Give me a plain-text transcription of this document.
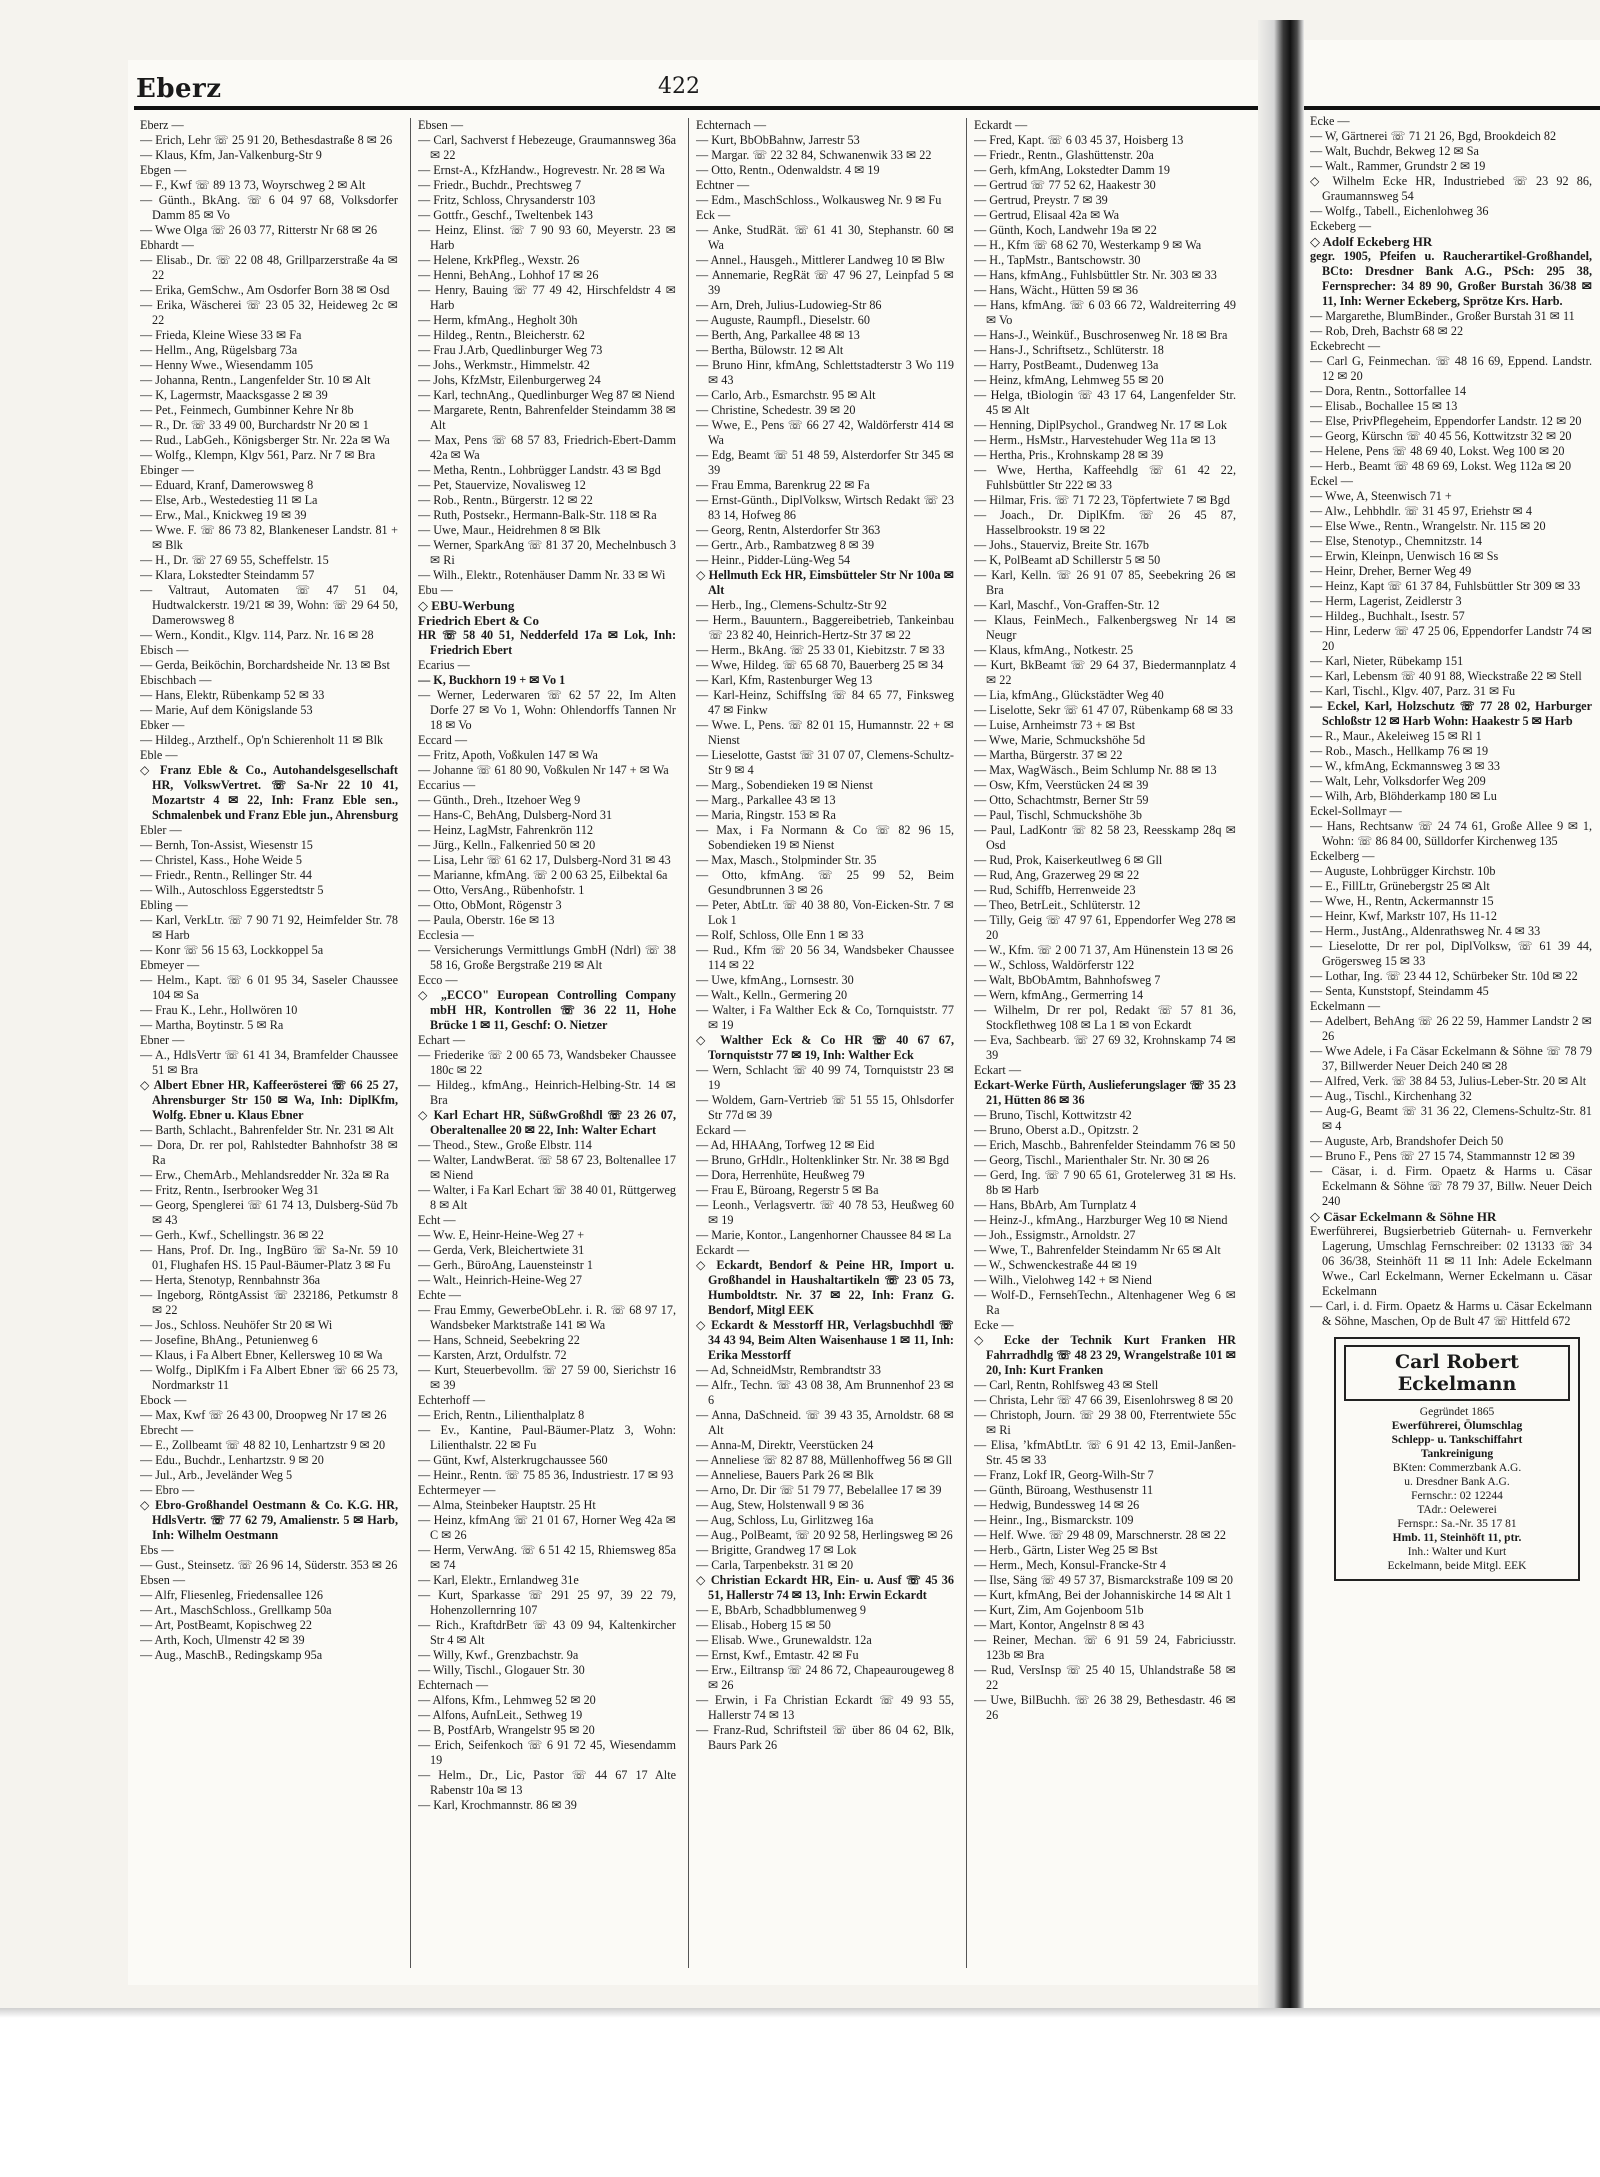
Eberz	422
Eberz —
— Erich, Lehr ☏ 25 91 20, Bethesdastraße 8 ✉ 26
— Klaus, Kfm, Jan-Valkenburg-Str 9
Ebgen —
— F., Kwf ☏ 89 13 73, Woyrschweg 2 ✉ Alt
— Günth., BkAng. ☏ 6 04 97 68, Volksdorfer Damm 85 ✉ Vo
— Wwe Olga ☏ 26 03 77, Ritterstr Nr 68 ✉ 26
Ebhardt —
— Elisab., Dr. ☏ 22 08 48, Grillparzerstraße 4a ✉ 22
— Erika, GemSchw., Am Osdorfer Born 38 ✉ Osd
— Erika, Wäscherei ☏ 23 05 32, Heideweg 2c ✉ 22
— Frieda, Kleine Wiese 33 ✉ Fa
— Hellm., Ang, Rügelsbarg 73a
— Henny Wwe., Wiesendamm 105
— Johanna, Rentn., Langenfelder Str. 10 ✉ Alt
— K, Lagermstr, Maacksgasse 2 ✉ 39
— Pet., Feinmech, Gumbinner Kehre Nr 8b
— R., Dr. ☏ 33 49 00, Burchardstr Nr 20 ✉ 1
— Rud., LabGeh., Königsberger Str. Nr. 22a ✉ Wa
— Wolfg., Klempn, Klgv 561, Parz. Nr 7 ✉ Bra
Ebinger —
— Eduard, Kranf, Damerowsweg 8
— Else, Arb., Westedestieg 11 ✉ La
— Erw., Mal., Knickweg 19 ✉ 39
— Wwe. F. ☏ 86 73 82, Blankeneser Landstr. 81 + ✉ Blk
— H., Dr. ☏ 27 69 55, Scheffelstr. 15
— Klara, Lokstedter Steindamm 57
— Valtraut, Automaten ☏ 47 51 04, Hudtwalckerstr. 19/21 ✉ 39, Wohn: ☏ 29 64 50, Damerowsweg 8
— Wern., Kondit., Klgv. 114, Parz. Nr. 16 ✉ 28
Ebisch —
— Gerda, Beiköchin, Borchardsheide Nr. 13 ✉ Bst
Ebischbach —
— Hans, Elektr, Rübenkamp 52 ✉ 33
— Marie, Auf dem Königslande 53
Ebker —
— Hildeg., Arzthelf., Op'n Schierenholt 11 ✉ Blk
Eble —
◇ Franz Eble & Co., Autohandelsgesellschaft HR, VolkswVertret. ☏ Sa-Nr 22 10 41, Mozartstr 4 ✉ 22, Inh: Franz Eble sen., Schmalenbek und Franz Eble jun., Ahrensburg
Ebler —
— Bernh, Ton-Assist, Wiesenstr 15
— Christel, Kass., Hohe Weide 5
— Friedr., Rentn., Rellinger Str. 44
— Wilh., Autoschloss Eggerstedtstr 5
Ebling —
— Karl, VerkLtr. ☏ 7 90 71 92, Heimfelder Str. 78 ✉ Harb
— Konr ☏ 56 15 63, Lockkoppel 5a
Ebmeyer —
— Helm., Kapt. ☏ 6 01 95 34, Saseler Chaussee 104 ✉ Sa
— Frau K., Lehr., Hollwören 10
— Martha, Boytinstr. 5 ✉ Ra
Ebner —
— A., HdlsVertr ☏ 61 41 34, Bramfelder Chaussee 51 ✉ Bra
◇ Albert Ebner HR, Kaffeerösterei ☏ 66 25 27, Ahrensburger Str 150 ✉ Wa, Inh: DiplKfm, Wolfg. Ebner u. Klaus Ebner
— Barth, Schlacht., Bahrenfelder Str. Nr. 231 ✉ Alt
— Dora, Dr. rer pol, Rahlstedter Bahnhofstr 38 ✉ Ra
— Erw., ChemArb., Mehlandsredder Nr. 32a ✉ Ra
— Fritz, Rentn., Iserbrooker Weg 31
— Georg, Spenglerei ☏ 61 74 13, Dulsberg-Süd 7b ✉ 43
— Gerh., Kwf., Schellingstr. 36 ✉ 22
— Hans, Prof. Dr. Ing., IngBüro ☏ Sa-Nr. 59 10 01, Flughafen HS. 15 Paul-Bäumer-Platz 3 ✉ Fu
— Herta, Stenotyp, Rennbahnstr 36a
— Ingeborg, RöntgAssist ☏ 232186, Petkumstr 8 ✉ 22
— Jos., Schloss. Neuhöfer Str 20 ✉ Wi
— Josefine, BhAng., Petunienweg 6
— Klaus, i Fa Albert Ebner, Kellersweg 10 ✉ Wa
— Wolfg., DiplKfm i Fa Albert Ebner ☏ 66 25 73, Nordmarkstr 11
Ebock —
— Max, Kwf ☏ 26 43 00, Droopweg Nr 17 ✉ 26
Ebrecht —
— E., Zollbeamt ☏ 48 82 10, Lenhartzstr 9 ✉ 20
— Edu., Buchdr., Lenhartzstr. 9 ✉ 20
— Jul., Arb., Jeveländer Weg 5
— Ebro —
◇ Ebro-Großhandel Oestmann & Co. K.G. HR, HdlsVertr. ☏ 77 62 79, Amalienstr. 5 ✉ Harb, Inh: Wilhelm Oestmann
Ebs —
— Gust., Steinsetz. ☏ 26 96 14, Süderstr. 353 ✉ 26
Ebsen —
— Alfr, Fliesenleg, Friedensallee 126
— Art., MaschSchloss., Grellkamp 50a
— Art, PostBeamt, Kopischweg 22
— Arth, Koch, Ulmenstr 42 ✉ 39
— Aug., MaschB., Redingskamp 95a
Ebsen —
— Carl, Sachverst f Hebezeuge, Graumannsweg 36a ✉ 22
— Ernst-A., KfzHandw., Hogrevestr. Nr. 28 ✉ Wa
— Friedr., Buchdr., Prechtsweg 7
— Fritz, Schloss, Chrysanderstr 103
— Gottfr., Geschf., Tweltenbek 143
— Heinz, Elinst. ☏ 7 90 93 60, Meyerstr. 23 ✉ Harb
— Helene, KrkPfleg., Wexstr. 26
— Henni, BehAng., Lohhof 17 ✉ 26
— Henry, Bauing ☏ 77 49 42, Hirschfeldstr 4 ✉ Harb
— Herm, kfmAng., Hegholt 30h
— Hildeg., Rentn., Bleicherstr. 62
— Frau J.Arb, Quedlinburger Weg 73
— Johs., Werkmstr., Himmelstr. 42
— Johs, KfzMstr, Eilenburgerweg 24
— Karl, technAng., Quedlinburger Weg 87 ✉ Niend
— Margarete, Rentn, Bahrenfelder Steindamm 38 ✉ Alt
— Max, Pens ☏ 68 57 83, Friedrich-Ebert-Damm 42a ✉ Wa
— Metha, Rentn., Lohbrügger Landstr. 43 ✉ Bgd
— Pet, Stauervize, Novalisweg 12
— Rob., Rentn., Bürgerstr. 12 ✉ 22
— Ruth, Postsekr., Hermann-Balk-Str. 118 ✉ Ra
— Uwe, Maur., Heidrehmen 8 ✉ Blk
— Werner, SparkAng ☏ 81 37 20, Mechelnbusch 3 ✉ Ri
— Wilh., Elektr., Rotenhäuser Damm Nr. 33 ✉ Wi
Ebu —
◇ EBU-Werbung
Friedrich Ebert & Co
HR ☏ 58 40 51, Nedderfeld 17a ✉ Lok, Inh: Friedrich Ebert
Ecarius —
— K, Buckhorn 19 + ✉ Vo 1
— Werner, Lederwaren ☏ 62 57 22, Im Alten Dorfe 27 ✉ Vo 1, Wohn: Ohlendorffs Tannen Nr 18 ✉ Vo
Eccard —
— Fritz, Apoth, Voßkulen 147 ✉ Wa
— Johanne ☏ 61 80 90, Voßkulen Nr 147 + ✉ Wa
Eccarius —
— Günth., Dreh., Itzehoer Weg 9
— Hans-C, BehAng, Dulsberg-Nord 31
— Heinz, LagMstr, Fahrenkrön 112
— Jürg., Kelln., Falkenried 50 ✉ 20
— Lisa, Lehr ☏ 61 62 17, Dulsberg-Nord 31 ✉ 43
— Marianne, kfmAng. ☏ 2 00 63 25, Eilbektal 6a
— Otto, VersAng., Rübenhofstr. 1
— Otto, ObMont, Rögenstr 3
— Paula, Oberstr. 16e ✉ 13
Ecclesia —
— Versicherungs Vermittlungs GmbH (Ndrl) ☏ 38 58 16, Große Bergstraße 219 ✉ Alt
Ecco —
◇ „ECCO" European Controlling Company mbH HR, Kontrollen ☏ 36 22 11, Hohe Brücke 1 ✉ 11, Geschf: O. Nietzer
Echart —
— Friederike ☏ 2 00 65 73, Wandsbeker Chaussee 180c ✉ 22
— Hildeg., kfmAng., Heinrich-Helbing-Str. 14 ✉ Bra
◇ Karl Echart HR, SüßwGroßhdl ☏ 23 26 07, Oberaltenallee 20 ✉ 22, Inh: Walter Echart
— Theod., Stew., Große Elbstr. 114
— Walter, LandwBerat. ☏ 58 67 23, Boltenallee 17 ✉ Niend
— Walter, i Fa Karl Echart ☏ 38 40 01, Rüttgerweg 8 ✉ Alt
Echt —
— Ww. E, Heinr-Heine-Weg 27 +
— Gerda, Verk, Bleichertwiete 31
— Gerh., BüroAng, Lauensteinstr 1
— Walt., Heinrich-Heine-Weg 27
Echte —
— Frau Emmy, GewerbeObLehr. i. R. ☏ 68 97 17, Wandsbeker Marktstraße 141 ✉ Wa
— Hans, Schneid, Seebekring 22
— Karsten, Arzt, Ordulfstr. 72
— Kurt, Steuerbevollm. ☏ 27 59 00, Sierichstr 16 ✉ 39
Echterhoff —
— Erich, Rentn., Lilienthalplatz 8
— Ev., Kantine, Paul-Bäumer-Platz 3, Wohn: Lilienthalstr. 22 ✉ Fu
— Günt, Kwf, Alsterkrugchaussee 560
— Heinr., Rentn. ☏ 75 85 36, Industriestr. 17 ✉ 93
Echtermeyer —
— Alma, Steinbeker Hauptstr. 25 Ht
— Heinz, kfmAng ☏ 21 01 67, Horner Weg 42a ✉ C ✉ 26
— Herm, VerwAng. ☏ 6 51 42 15, Rhiemsweg 85a ✉ 74
— Karl, Elektr., Ernlandweg 31e
— Kurt, Sparkasse ☏ 291 25 97, 39 22 79, Hohenzollernring 107
— Rich., KraftdrBetr ☏ 43 09 94, Kaltenkircher Str 4 ✉ Alt
— Willy, Kwf., Grenzbachstr. 9a
— Willy, Tischl., Glogauer Str. 30
Echternach —
— Alfons, Kfm., Lehmweg 52 ✉ 20
— Alfons, AufnLeit., Sethweg 19
— B, PostfArb, Wrangelstr 95 ✉ 20
— Erich, Seifenkoch ☏ 6 91 72 45, Wiesendamm 19
— Helm., Dr., Lic, Pastor ☏ 44 67 17 Alte Rabenstr 10a ✉ 13
— Karl, Krochmannstr. 86 ✉ 39
Echternach —
— Kurt, BbObBahnw, Jarrestr 53
— Margar. ☏ 22 32 84, Schwanenwik 33 ✉ 22
— Otto, Rentn., Odenwaldstr. 4 ✉ 19
Echtner —
— Edm., MaschSchloss., Wolkausweg Nr. 9 ✉ Fu
Eck —
— Anke, StudRät. ☏ 61 41 30, Stephanstr. 60 ✉ Wa
— Annel., Hausgeh., Mittlerer Landweg 10 ✉ Blw
— Annemarie, RegRät ☏ 47 96 27, Leinpfad 5 ✉ 39
— Arn, Dreh, Julius-Ludowieg-Str 86
— Auguste, Raumpfl., Dieselstr. 60
— Berth, Ang, Parkallee 48 ✉ 13
— Bertha, Bülowstr. 12 ✉ Alt
— Bruno Hinr, kfmAng, Schlettstadterstr 3 Wo 119 ✉ 43
— Carlo, Arb., Esmarchstr. 95 ✉ Alt
— Christine, Schedestr. 39 ✉ 20
— Wwe, E., Pens ☏ 66 27 42, Waldörferstr 414 ✉ Wa
— Edg, Beamt ☏ 51 48 59, Alsterdorfer Str 345 ✉ 39
— Frau Emma, Barenkrug 22 ✉ Fa
— Ernst-Günth., DiplVolksw, Wirtsch Redakt ☏ 23 83 14, Hofweg 86
— Georg, Rentn, Alsterdorfer Str 363
— Gertr., Arb., Rambatzweg 8 ✉ 39
— Heinr., Pidder-Lüng-Weg 54
◇ Hellmuth Eck HR, Eimsbütteler Str Nr 100a ✉ Alt
— Herb., Ing., Clemens-Schultz-Str 92
— Herm., Bauuntern., Baggereibetrieb, Tankeinbau ☏ 23 82 40, Heinrich-Hertz-Str 37 ✉ 22
— Herm., BkAng. ☏ 25 33 01, Kiebitzstr. 7 ✉ 33
— Wwe, Hildeg. ☏ 65 68 70, Bauerberg 25 ✉ 34
— Karl, Kfm, Rastenburger Weg 13
— Karl-Heinz, SchiffsIng ☏ 84 65 77, Finksweg 47 ✉ Finkw
— Wwe. L, Pens. ☏ 82 01 15, Humannstr. 22 + ✉ Nienst
— Lieselotte, Gastst ☏ 31 07 07, Clemens-Schultz-Str 9 ✉ 4
— Marg., Sobendieken 19 ✉ Nienst
— Marg., Parkallee 43 ✉ 13
— Maria, Ringstr. 153 ✉ Ra
— Max, i Fa Normann & Co ☏ 82 96 15, Sobendieken 19 ✉ Nienst
— Max, Masch., Stolpminder Str. 35
— Otto, kfmAng. ☏ 25 99 52, Beim Gesundbrunnen 3 ✉ 26
— Peter, AbtLtr. ☏ 40 38 80, Von-Eicken-Str. 7 ✉ Lok 1
— Rolf, Schloss, Olle Enn 1 ✉ 33
— Rud., Kfm ☏ 20 56 34, Wandsbeker Chaussee 114 ✉ 22
— Uwe, kfmAng., Lornsestr. 30
— Walt., Kelln., Germering 20
— Walter, i Fa Walther Eck & Co, Tornquiststr. 77 ✉ 19
◇ Walther Eck & Co HR ☏ 40 67 67, Tornquiststr 77 ✉ 19, Inh: Walther Eck
— Wern, Schlacht ☏ 40 99 74, Tornquiststr 23 ✉ 19
— Woldem, Garn-Vertrieb ☏ 51 55 15, Ohlsdorfer Str 77d ✉ 39
Eckard —
— Ad, HHAAng, Torfweg 12 ✉ Eid
— Bruno, GrHdlr., Holtenklinker Str. Nr. 38 ✉ Bgd
— Dora, Herrenhüte, Heußweg 79
— Frau E, Büroang, Regerstr 5 ✉ Ba
— Leonh., Verlagsvertr. ☏ 40 78 53, Heußweg 60 ✉ 19
— Marie, Kontor., Langenhorner Chaussee 84 ✉ La
Eckardt —
◇ Eckardt, Bendorf & Peine HR, Import u. Großhandel in Haushaltartikeln ☏ 23 05 73, Humboldtstr. Nr. 37 ✉ 22, Inh: Franz G. Bendorf, Mitgl EEK
◇ Eckardt & Messtorff HR, Verlagsbuchhdl ☏ 34 43 94, Beim Alten Waisenhause 1 ✉ 11, Inh: Erika Messtorff
— Ad, SchneidMstr, Rembrandtstr 33
— Alfr., Techn. ☏ 43 08 38, Am Brunnenhof 23 ✉ 6
— Anna, DaSchneid. ☏ 39 43 35, Arnoldstr. 68 ✉ Alt
— Anna-M, Direktr, Veerstücken 24
— Anneliese ☏ 82 87 88, Müllenhoffweg 56 ✉ Gll
— Anneliese, Bauers Park 26 ✉ Blk
— Arno, Dr. Dir ☏ 51 79 77, Bebelallee 17 ✉ 39
— Aug, Stew, Holstenwall 9 ✉ 36
— Aug, Schloss, Lu, Girlitzweg 16a
— Aug., PolBeamt, ☏ 20 92 58, Herlingsweg ✉ 26
— Brigitte, Grandweg 17 ✉ Lok
— Carla, Tarpenbekstr. 31 ✉ 20
◇ Christian Eckardt HR, Ein- u. Ausf ☏ 45 36 51, Hallerstr 74 ✉ 13, Inh: Erwin Eckardt
— E, BbArb, Schadbblumenweg 9
— Elisab., Hoberg 15 ✉ 50
— Elisab. Wwe., Grunewaldstr. 12a
— Ernst, Kwf., Emtastr. 42 ✉ Fu
— Erw., Eiltransp ☏ 24 86 72, Chapeaurougeweg 8 ✉ 26
— Erwin, i Fa Christian Eckardt ☏ 49 93 55, Hallerstr 74 ✉ 13
— Franz-Rud, Schriftsteil ☏ über 86 04 62, Blk, Baurs Park 26
Eckardt —
— Fred, Kapt. ☏ 6 03 45 37, Hoisberg 13
— Friedr., Rentn., Glashüttenstr. 20a
— Gerh, kfmAng, Lokstedter Damm 19
— Gertrud ☏ 77 52 62, Haakestr 30
— Gertrud, Preystr. 7 ✉ 39
— Gertrud, Elisaal 42a ✉ Wa
— Günth, Koch, Landwehr 19a ✉ 22
— H., Kfm ☏ 68 62 70, Westerkamp 9 ✉ Wa
— H., TapMstr., Bantschowstr. 30
— Hans, kfmAng., Fuhlsbüttler Str. Nr. 303 ✉ 33
— Hans, Wächt., Hütten 59 ✉ 36
— Hans, kfmAng. ☏ 6 03 66 72, Waldreiterring 49 ✉ Vo
— Hans-J., Weinküf., Buschrosenweg Nr. 18 ✉ Bra
— Hans-J., Schriftsetz., Schlüterstr. 18
— Harry, PostBeamt., Dudenweg 13a
— Heinz, kfmAng, Lehmweg 55 ✉ 20
— Helga, tBiologin ☏ 43 17 64, Langenfelder Str. 45 ✉ Alt
— Henning, DiplPsychol., Grandweg Nr. 17 ✉ Lok
— Herm., HsMstr., Harvestehuder Weg 11a ✉ 13
— Hertha, Pris., Krohnskamp 28 ✉ 39
— Wwe, Hertha, Kaffeehdlg ☏ 61 42 22, Fuhlsbüttler Str 222 ✉ 33
— Hilmar, Fris. ☏ 71 72 23, Töpfertwiete 7 ✉ Bgd
— Joach., Dr. DiplKfm. ☏ 26 45 87, Hasselbrookstr. 19 ✉ 22
— Johs., Stauerviz, Breite Str. 167b
— K, PolBeamt aD Schillerstr 5 ✉ 50
— Karl, Kelln. ☏ 26 91 07 85, Seebekring 26 ✉ Bra
— Karl, Maschf., Von-Graffen-Str. 12
— Klaus, FeinMech., Falkenbergsweg Nr 14 ✉ Neugr
— Klaus, kfmAng., Notkestr. 25
— Kurt, BkBeamt ☏ 29 64 37, Biedermannplatz 4 ✉ 22
— Lia, kfmAng., Glückstädter Weg 40
— Liselotte, Sekr ☏ 61 47 07, Rübenkamp 68 ✉ 33
— Luise, Arnheimstr 73 + ✉ Bst
— Wwe, Marie, Schmuckshöhe 5d
— Martha, Bürgerstr. 37 ✉ 22
— Max, WagWäsch., Beim Schlump Nr. 88 ✉ 13
— Osw, Kfm, Veerstücken 24 ✉ 39
— Otto, Schachtmstr, Berner Str 59
— Paul, Tischl, Schmuckshöhe 3b
— Paul, LadKontr ☏ 82 58 23, Reesskamp 28q ✉ Osd
— Rud, Prok, Kaiserkeutlweg 6 ✉ Gll
— Rud, Ang, Grazerweg 29 ✉ 22
— Rud, Schiffb, Herrenweide 23
— Theo, BetrLeit., Schlüterstr. 12
— Tilly, Geig ☏ 47 97 61, Eppendorfer Weg 278 ✉ 20
— W., Kfm. ☏ 2 00 71 37, Am Hünenstein 13 ✉ 26
— W., Schloss, Waldörferstr 122
— Walt, BbObAmtm, Bahnhofsweg 7
— Wern, kfmAng., Germerring 14
— Wilhelm, Dr rer pol, Redakt ☏ 57 81 36, Stockflethweg 108 ✉ La 1 ✉ von Eckardt
— Eva, Sachbearb. ☏ 27 69 32, Krohnskamp 74 ✉ 39
Eckart —
Eckart-Werke Fürth, Auslieferungslager ☏ 35 23 21, Hütten 86 ✉ 36
— Bruno, Tischl, Kottwitzstr 42
— Bruno, Oberst a.D., Opitzstr. 2
— Erich, Maschb., Bahrenfelder Steindamm 76 ✉ 50
— Georg, Tischl., Marienthaler Str. Nr. 30 ✉ 26
— Gerd, Ing. ☏ 7 90 65 61, Grotelerweg 31 ✉ Hs. 8b ✉ Harb
— Hans, BbArb, Am Turnplatz 4
— Heinz-J., kfmAng., Harzburger Weg 10 ✉ Niend
— Joh., Essigmstr., Arnoldstr. 27
— Wwe, T., Bahrenfelder Steindamm Nr 65 ✉ Alt
— W., Schwenckestraße 44 ✉ 19
— Wilh., Vielohweg 142 + ✉ Niend
— Wolf-D., FernsehTechn., Altenhagener Weg 6 ✉ Ra
Ecke —
◇ Ecke der Technik Kurt Franken HR Fahrradhdlg ☏ 48 23 29, Wrangelstraße 101 ✉ 20, Inh: Kurt Franken
— Carl, Rentn, Rohlfsweg 43 ✉ Stell
— Christa, Lehr ☏ 47 66 39, Eisenlohrsweg 8 ✉ 20
— Christoph, Journ. ☏ 29 38 00, Fterrentwiete 55c ✉ Ri
— Elisa, ’kfmAbtLtr. ☏ 6 91 42 13, Emil-Janßen-Str. 45 ✉ 33
— Franz, Lokf IR, Georg-Wilh-Str 7
— Günth, Büroang, Westhusenstr 11
— Hedwig, Bundessweg 14 ✉ 26
— Heinr., Ing., Bismarckstr. 109
— Helf. Wwe. ☏ 29 48 09, Marschnerstr. 28 ✉ 22
— Herb., Gärtn, Lister Weg 25 ✉ Bst
— Herm., Mech, Konsul-Francke-Str 4
— Ilse, Säng ☏ 49 57 37, Bismarckstraße 109 ✉ 20
— Kurt, kfmAng, Bei der Johanniskirche 14 ✉ Alt 1
— Kurt, Zim, Am Gojenboom 51b
— Mart, Kontor, Angelnstr 8 ✉ 43
— Reiner, Mechan. ☏ 6 91 59 24, Fabriciusstr. 123b ✉ Bra
— Rud, VersInsp ☏ 25 40 15, Uhlandstraße 58 ✉ 22
— Uwe, BilBuchh. ☏ 26 38 29, Bethesdastr. 46 ✉ 26
Ecke —
— W, Gärtnerei ☏ 71 21 26, Bgd, Brookdeich 82
— Walt, Buchdr, Bekweg 12 ✉ Sa
— Walt., Rammer, Grundstr 2 ✉ 19
◇ Wilhelm Ecke HR, Industriebed ☏ 23 92 86, Graumannsweg 54
— Wolfg., Tabell., Eichenlohweg 36
Eckeberg —
◇ Adolf Eckeberg HR
gegr. 1905, Pfeifen u. Raucherartikel-Großhandel, BCto: Dresdner Bank A.G., PSch: 295 38, Fernsprecher: 34 89 90, Großer Burstah 36/38 ✉ 11, Inh: Werner Eckeberg, Sprötze Krs. Harb.
— Margarethe, BlumBinder., Großer Burstah 31 ✉ 11
— Rob, Dreh, Bachstr 68 ✉ 22
Eckebrecht —
— Carl G, Feinmechan. ☏ 48 16 69, Eppend. Landstr. 12 ✉ 20
— Dora, Rentn., Sottorfallee 14
— Elisab., Bochallee 15 ✉ 13
— Else, PrivPflegeheim, Eppendorfer Landstr. 12 ✉ 20
— Georg, Kürschn ☏ 40 45 56, Kottwitzstr 32 ✉ 20
— Helene, Pens ☏ 48 69 40, Lokst. Weg 100 ✉ 20
— Herb., Beamt ☏ 48 69 69, Lokst. Weg 112a ✉ 20
Eckel —
— Wwe, A, Steenwisch 71 +
— Alw., Lehbhdlr. ☏ 31 45 97, Eriehstr ✉ 4
— Else Wwe., Rentn., Wrangelstr. Nr. 115 ✉ 20
— Else, Stenotyp., Chemnitzstr. 14
— Erwin, Kleinpn, Uenwisch 16 ✉ Ss
— Heinr, Dreher, Berner Weg 49
— Heinz, Kapt ☏ 61 37 84, Fuhlsbüttler Str 309 ✉ 33
— Herm, Lagerist, Zeidlerstr 3
— Hildeg., Buchhalt., Isestr. 57
— Hinr, Lederw ☏ 47 25 06, Eppendorfer Landstr 74 ✉ 20
— Karl, Nieter, Rübekamp 151
— Karl, Lebensm ☏ 40 91 88, Wieckstraße 22 ✉ Stell
— Karl, Tischl., Klgv. 407, Parz. 31 ✉ Fu
— Eckel, Karl, Holzschutz ☏ 77 28 02, Harburger Schloßstr 12 ✉ Harb Wohn: Haakestr 5 ✉ Harb
— R., Maur., Akeleiweg 15 ✉ Rl 1
— Rob., Masch., Hellkamp 76 ✉ 19
— W., kfmAng, Eckmannsweg 3 ✉ 33
— Walt, Lehr, Volksdorfer Weg 209
— Wilh, Arb, Blöhderkamp 180 ✉ Lu
Eckel-Sollmayr —
— Hans, Rechtsanw ☏ 24 74 61, Große Allee 9 ✉ 1, Wohn: ☏ 86 84 00, Sülldorfer Kirchenweg 135
Eckelberg —
— Auguste, Lohbrügger Kirchstr. 10b
— E., FillLtr, Grünebergstr 25 ✉ Alt
— Wwe, H., Rentn, Ackermannstr 15
— Heinr, Kwf, Markstr 107, Hs 11-12
— Herm., JustAng., Aldenrathsweg Nr. 4 ✉ 33
— Lieselotte, Dr rer pol, DiplVolksw, ☏ 61 39 44, Grögersweg 15 ✉ 33
— Lothar, Ing. ☏ 23 44 12, Schürbeker Str. 10d ✉ 22
— Senta, Kunststopf, Steindamm 45
Eckelmann —
— Adelbert, BehAng ☏ 26 22 59, Hammer Landstr 2 ✉ 26
— Wwe Adele, i Fa Cäsar Eckelmann & Söhne ☏ 78 79 37, Billwerder Neuer Deich 240 ✉ 28
— Alfred, Verk. ☏ 38 84 53, Julius-Leber-Str. 20 ✉ Alt
— Aug., Tischl., Kirchenhang 32
— Aug-G, Beamt ☏ 31 36 22, Clemens-Schultz-Str. 81 ✉ 4
— Auguste, Arb, Brandshofer Deich 50
— Bruno F., Pens ☏ 27 15 74, Stammannstr 12 ✉ 39
— Cäsar, i. d. Firm. Opaetz & Harms u. Cäsar Eckelmann & Söhne ☏ 78 79 37, Billw. Neuer Deich 240
◇ Cäsar Eckelmann & Söhne HR
Ewerführerei, Bugsierbetrieb Güternah- u. Fernverkehr Lagerung, Umschlag Fernschreiber: 02 13133 ☏ 34 06 36/38, Steinhöft 11 ✉ 11 Inh: Adele Eckelmann Wwe., Carl Eckelmann, Werner Eckelmann u. Cäsar Eckelmann
— Carl, i. d. Firm. Opaetz & Harms u. Cäsar Eckelmann & Söhne, Maschen, Op de Bult 47 ☏ Hittfeld 672
Carl Robert Eckelmann
Gegründet 1865
Ewerführerei, Ölumschlag
Schlepp- u. Tankschiffahrt
Tankreinigung
BKten: Commerzbank A.G.
u. Dresdner Bank A.G.
Fernschr.: 02 12244
TAdr.: Oelewerei
Fernspr.: Sa.-Nr. 35 17 81
Hmb. 11, Steinhöft 11, ptr.
Inh.: Walter und Kurt
Eckelmann, beide Mitgl. EEK
